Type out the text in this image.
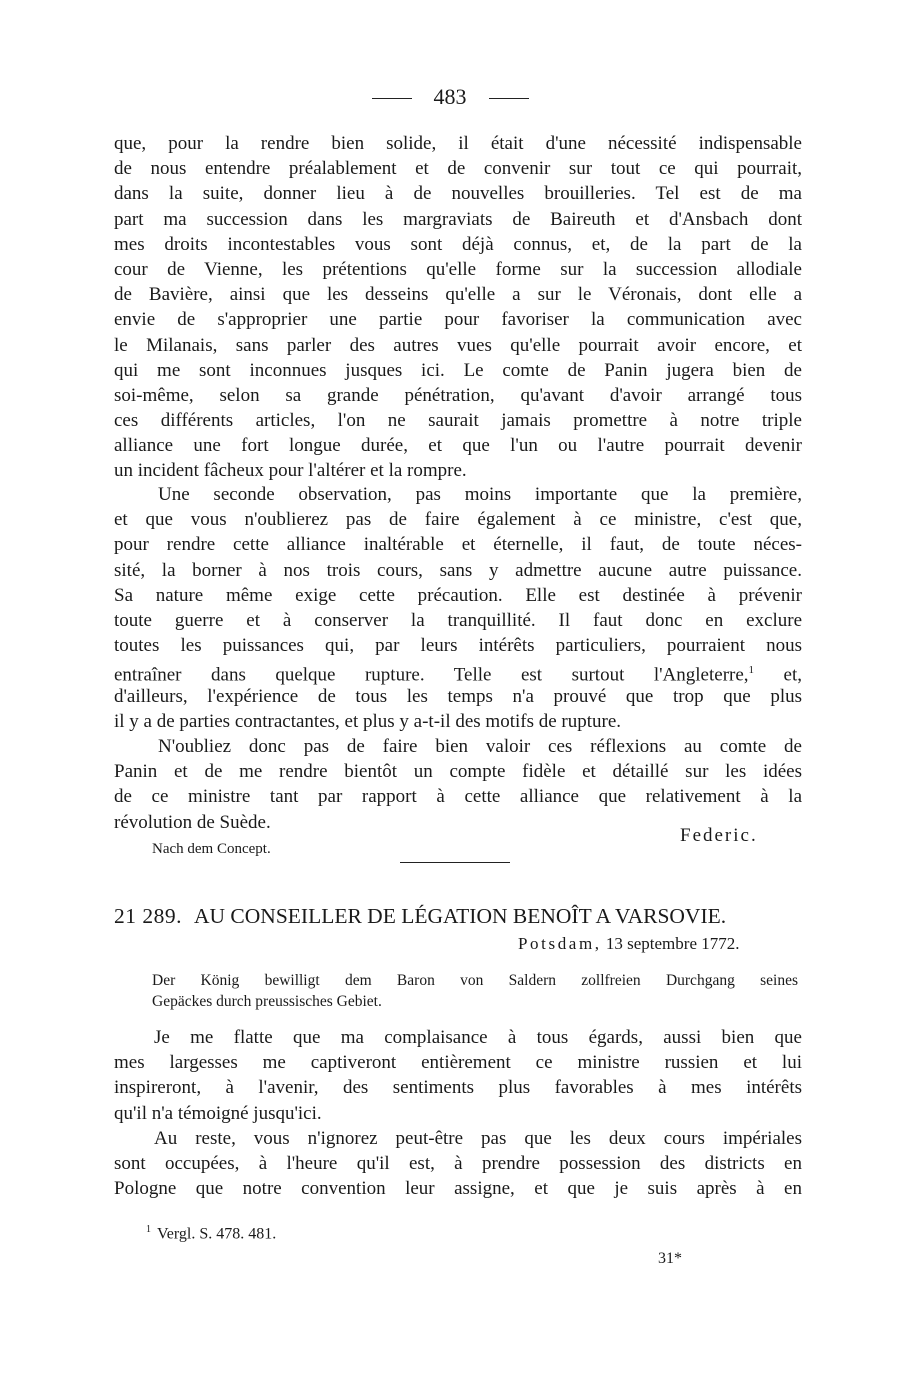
483
que, pour la rendre bien solide, il était d'une nécessité indispensable
de nous entendre préalablement et de convenir sur tout ce qui pourrait,
dans la suite, donner lieu à de nouvelles brouilleries. Tel est de ma
part ma succession dans les margraviats de Baireuth et d'Ansbach dont
mes droits incontestables vous sont déjà connus, et, de la part de la
cour de Vienne, les prétentions qu'elle forme sur la succession allodiale
de Bavière, ainsi que les desseins qu'elle a sur le Véronais, dont elle a
envie de s'approprier une partie pour favoriser la communication avec
le Milanais, sans parler des autres vues qu'elle pourrait avoir encore, et
qui me sont inconnues jusques ici. Le comte de Panin jugera bien de
soi-même, selon sa grande pénétration, qu'avant d'avoir arrangé tous
ces différents articles, l'on ne saurait jamais promettre à notre triple
alliance une fort longue durée, et que l'un ou l'autre pourrait devenir
un incident fâcheux pour l'altérer et la rompre.
Une seconde observation, pas moins importante que la première,
et que vous n'oublierez pas de faire également à ce ministre, c'est que,
pour rendre cette alliance inaltérable et éternelle, il faut, de toute néces-
sité, la borner à nos trois cours, sans y admettre aucune autre puissance.
Sa nature même exige cette précaution. Elle est destinée à prévenir
toute guerre et à conserver la tranquillité. Il faut donc en exclure
toutes les puissances qui, par leurs intérêts particuliers, pourraient nous
entraîner dans quelque rupture. Telle est surtout l'Angleterre,$^1$ et,
d'ailleurs, l'expérience de tous les temps n'a prouvé que trop que plus
il y a de parties contractantes, et plus y a-t-il des motifs de rupture.
N'oubliez donc pas de faire bien valoir ces réflexions au comte de
Panin et de me rendre bientôt un compte fidèle et détaillé sur les idées
de ce ministre tant par rapport à cette alliance que relativement à la
révolution de Suède.
Federic.
Nach dem Concept.
21 289. AU CONSEILLER DE LÉGATION BENOÎT A VARSOVIE.
Potsdam, 13 septembre 1772.
Der König bewilligt dem Baron von Saldern zollfreien Durchgang seines
Gepäckes durch preussisches Gebiet.
Je me flatte que ma complaisance à tous égards, aussi bien que
mes largesses me captiveront entièrement ce ministre russien et lui
inspireront, à l'avenir, des sentiments plus favorables à mes intérêts
qu'il n'a témoigné jusqu'ici.
Au reste, vous n'ignorez peut-être pas que les deux cours impériales
sont occupées, à l'heure qu'il est, à prendre possession des districts en
Pologne que notre convention leur assigne, et que je suis après à en
$^1$ Vergl. S. 478. 481.
31*
